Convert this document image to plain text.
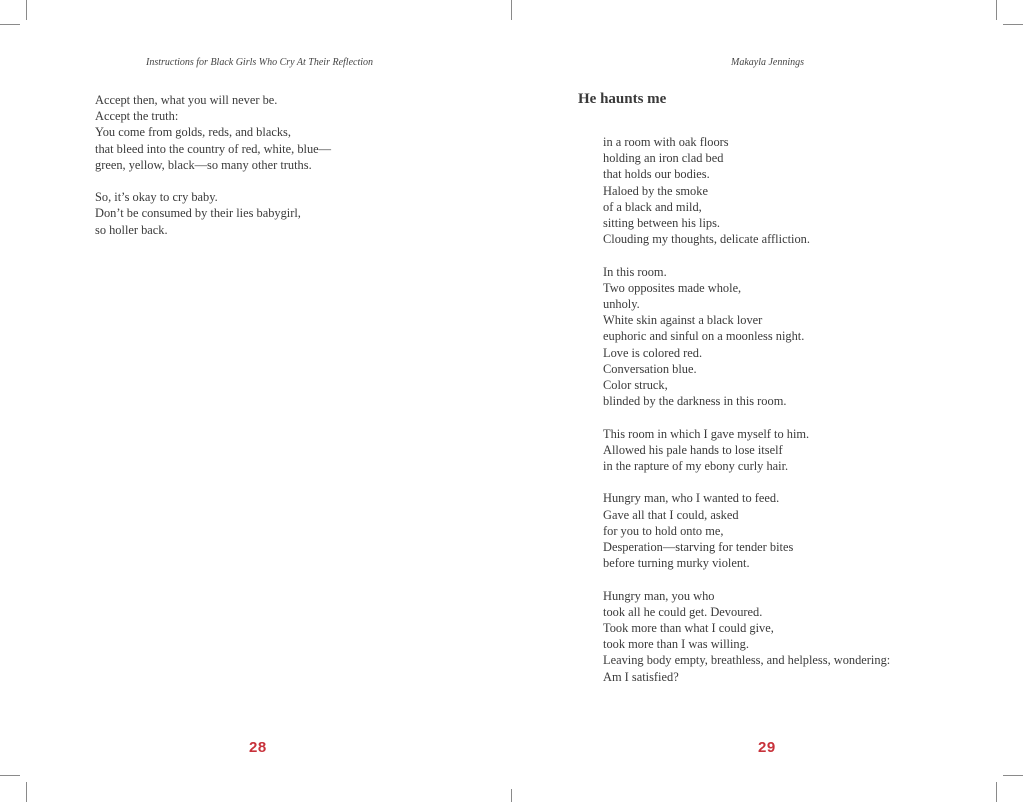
Instructions for Black Girls Who Cry At Their Reflection
Accept then, what you will never be.
Accept the truth:
You come from golds, reds, and blacks,
that bleed into the country of red, white, blue—
green, yellow, black—so many other truths.
So, it’s okay to cry baby.
Don’t be consumed by their lies babygirl,
so holler back.
28
Makayla Jennings
He haunts me
in a room with oak floors
holding an iron clad bed
that holds our bodies.
Haloed by the smoke
of a black and mild,
sitting between his lips.
Clouding my thoughts, delicate affliction.
In this room.
Two opposites made whole,
unholy.
White skin against a black lover
euphoric and sinful on a moonless night.
Love is colored red.
Conversation blue.
Color struck,
blinded by the darkness in this room.
This room in which I gave myself to him.
Allowed his pale hands to lose itself
in the rapture of my ebony curly hair.
Hungry man, who I wanted to feed.
Gave all that I could, asked
for you to hold onto me,
Desperation—starving for tender bites
before turning murky violent.
Hungry man, you who
took all he could get. Devoured.
Took more than what I could give,
took more than I was willing.
Leaving body empty, breathless, and helpless, wondering:
Am I satisfied?
29
